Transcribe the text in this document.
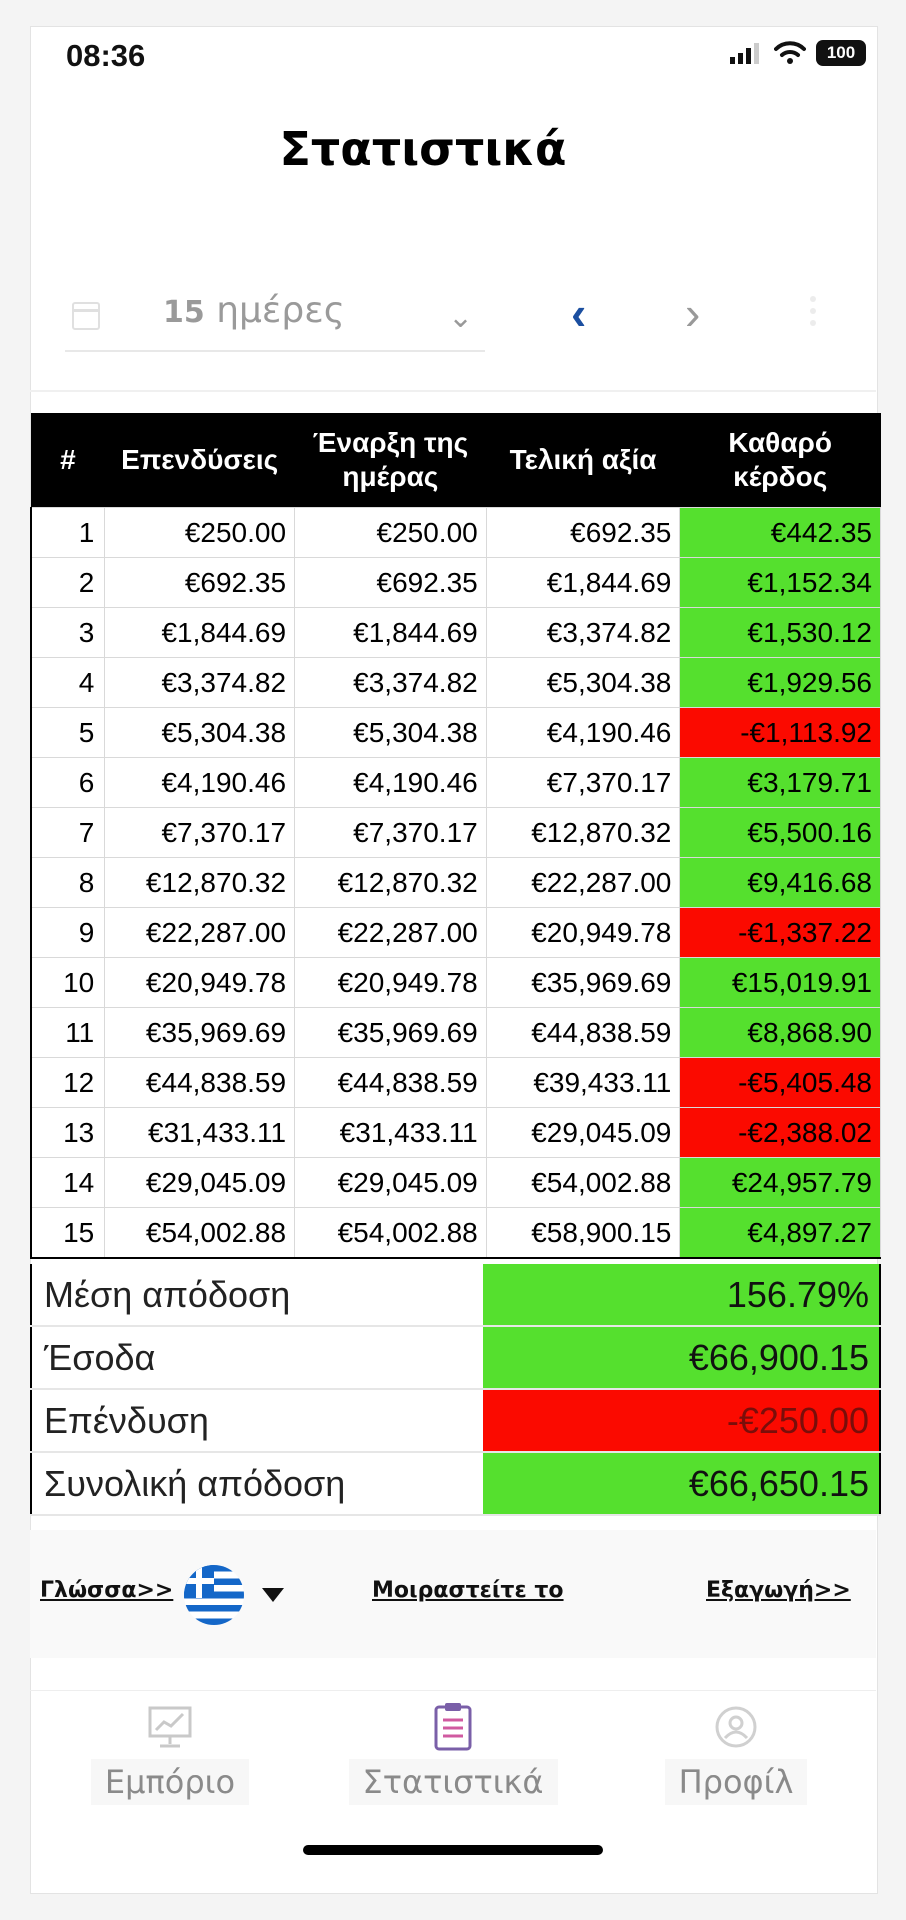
08:36	100
Στατιστικά
15 ημέρες	⌄ ‹ ›
#	Επενδύσεις	Έναρξη της ημέρας	Τελική αξία	Καθαρό κέρδος
1	€250.00	€250.00	€692.35	€442.35
2	€692.35	€692.35	€1,844.69	€1,152.34
3	€1,844.69	€1,844.69	€3,374.82	€1,530.12
4	€3,374.82	€3,374.82	€5,304.38	€1,929.56
5	€5,304.38	€5,304.38	€4,190.46	-€1,113.92
6	€4,190.46	€4,190.46	€7,370.17	€3,179.71
7	€7,370.17	€7,370.17	€12,870.32	€5,500.16
8	€12,870.32	€12,870.32	€22,287.00	€9,416.68
9	€22,287.00	€22,287.00	€20,949.78	-€1,337.22
10	€20,949.78	€20,949.78	€35,969.69	€15,019.91
11	€35,969.69	€35,969.69	€44,838.59	€8,868.90
12	€44,838.59	€44,838.59	€39,433.11	-€5,405.48
13	€31,433.11	€31,433.11	€29,045.09	-€2,388.02
14	€29,045.09	€29,045.09	€54,002.88	€24,957.79
15	€54,002.88	€54,002.88	€58,900.15	€4,897.27
Μέση απόδοση	156.79%
Έσοδα	€66,900.15
Επένδυση	-€250.00
Συνολική απόδοση	€66,650.15
Γλώσσα>>	Μοιραστείτε το	Εξαγωγή>>
Εμπόριο	Στατιστικά	Προφίλ
